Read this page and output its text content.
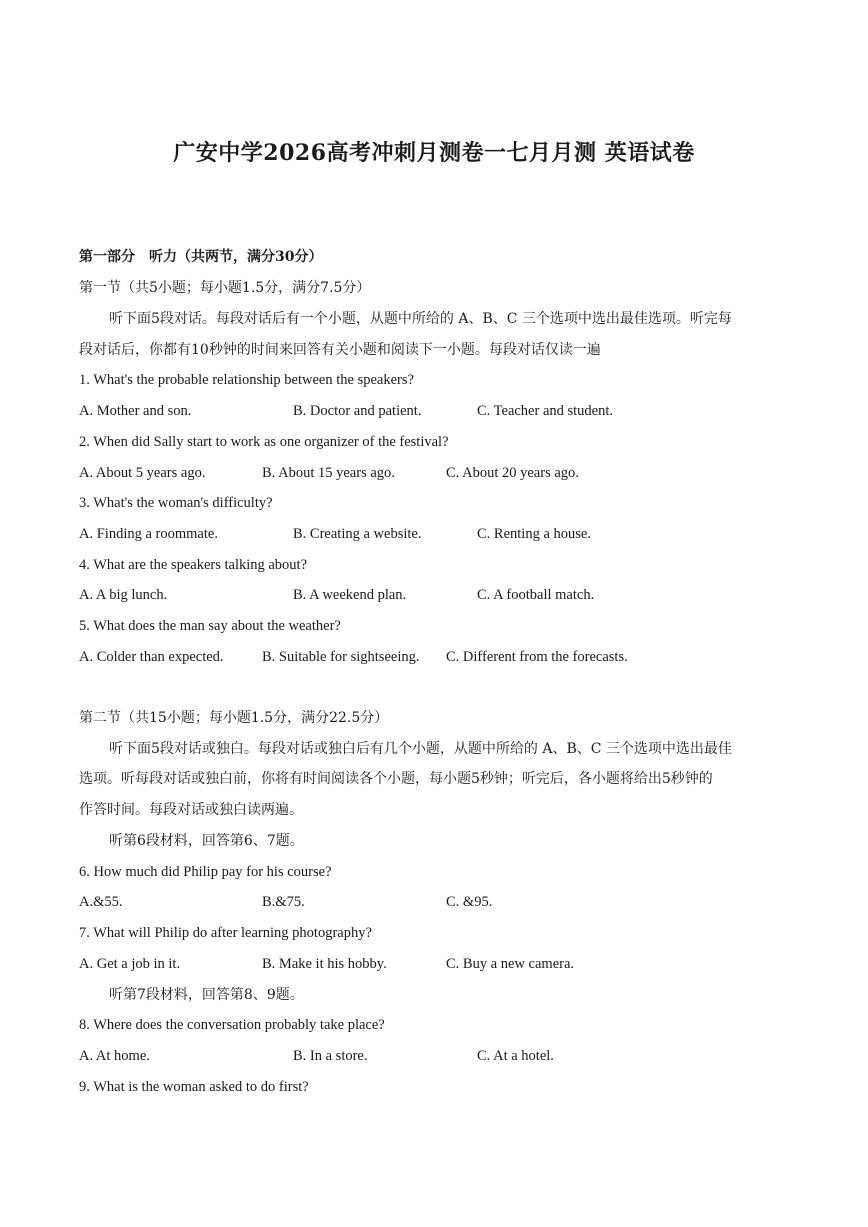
广安中学2026高考冲刺月测卷一七月月测 英语试卷
第一部分　听力（共两节，满分30分）
第一节（共5小题；每小题1.5分，满分7.5分）
听下面5段对话。每段对话后有一个小题，从题中所给的 A、B、C 三个选项中选出最佳选项。听完每
段对话后，你都有10秒钟的时间来回答有关小题和阅读下一小题。每段对话仅读一遍
1. What's the probable relationship between the speakers?
A. Mother and son.	B. Doctor and patient.	C. Teacher and student.
2. When did Sally start to work as one organizer of the festival?
A. About 5 years ago.	B. About 15 years ago.	C. About 20 years ago.
3. What's the woman's difficulty?
A. Finding a roommate.	B. Creating a website.	C. Renting a house.
4. What are the speakers talking about?
A. A big lunch.	B. A weekend plan.	C. A football match.
5. What does the man say about the weather?
A. Colder than expected.	B. Suitable for sightseeing. C. Different from the forecasts.
第二节（共15小题；每小题1.5分，满分22.5分）
听下面5段对话或独白。每段对话或独白后有几个小题，从题中所给的 A、B、C 三个选项中选出最佳
选项。听每段对话或独白前，你将有时间阅读各个小题，每小题5秒钟；听完后，各小题将给出5秒钟的
作答时间。每段对话或独白读两遍。
听第6段材料，回答第6、7题。
6. How much did Philip pay for his course?
A.&55.	B.&75.	C. &95.
7. What will Philip do after learning photography?
A. Get a job in it.	B. Make it his hobby.	C. Buy a new camera.
听第7段材料，回答第8、9题。
8. Where does the conversation probably take place?
A. At home.	B. In a store.	C. At a hotel.
9. What is the woman asked to do first?
